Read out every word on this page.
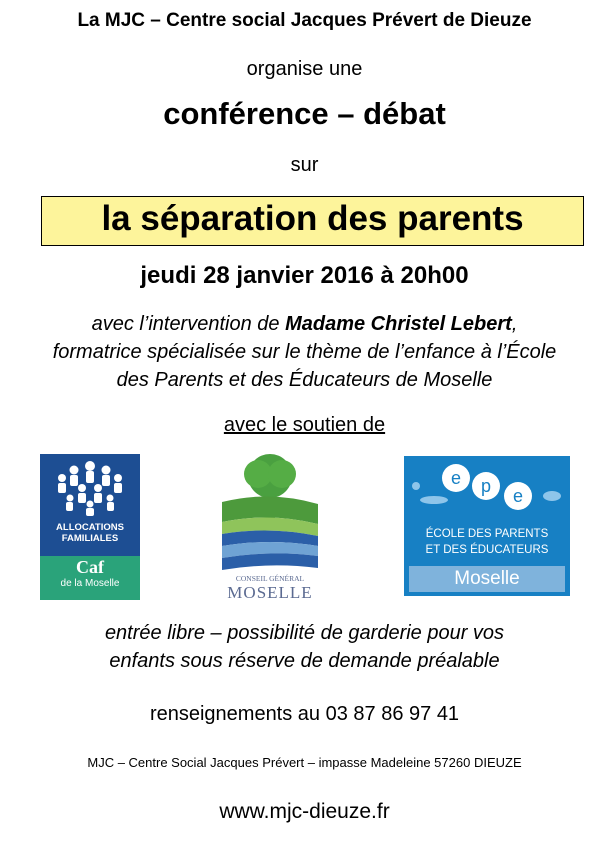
La MJC – Centre social Jacques Prévert de Dieuze
organise une
conférence – débat
sur
la séparation des parents
jeudi 28 janvier 2016 à 20h00
avec l’intervention de Madame Christel Lebert,
formatrice spécialisée sur le thème de l’enfance à l’École
des Parents et des Éducateurs de Moselle
avec le soutien de
ALLOCATIONS
FAMILIALES
Caf
de la Moselle	CONSEIL GÉNÉRAL
MOSELLE
e p e
ÉCOLE DES PARENTS
ET DES ÉDUCATEURS
Moselle
entrée libre – possibilité de garderie pour vos
enfants sous réserve de demande préalable
renseignements au 03 87 86 97 41
MJC – Centre Social Jacques Prévert – impasse Madeleine 57260 DIEUZE
www.mjc-dieuze.fr
